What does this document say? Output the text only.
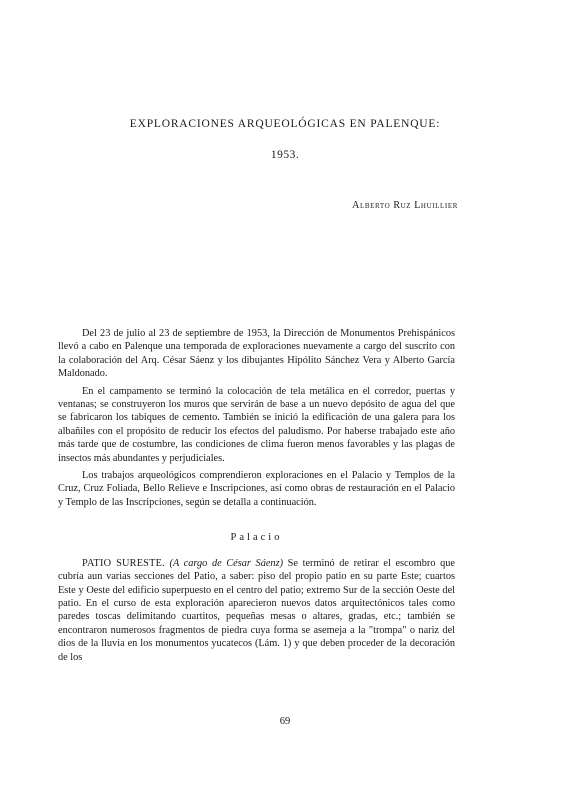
EXPLORACIONES ARQUEOLÓGICAS EN PALENQUE:
1953.
Alberto Ruz Lhuillier

Del 23 de julio al 23 de septiembre de 1953, la Dirección de Monumentos Prehispánicos llevó a cabo en Palenque una temporada de exploraciones nuevamente a cargo del suscrito con la colaboración del Arq. César Sáenz y los dibujantes Hipólito Sánchez Vera y Alberto García Maldonado.

En el campamento se terminó la colocación de tela metálica en el corredor, puertas y ventanas; se construyeron los muros que servirán de base a un nuevo depósito de agua del que se fabricaron los tabiques de cemento. También se inició la edificación de una galera para los albañiles con el propósito de reducir los efectos del paludismo. Por haberse trabajado este año más tarde que de costumbre, las condiciones de clima fueron menos favorables y las plagas de insectos más abundantes y perjudiciales.

Los trabajos arqueológicos comprendieron exploraciones en el Palacio y Templos de la Cruz, Cruz Foliada, Bello Relieve e Inscripciones, así como obras de restauración en el Palacio y Templo de las Inscripciones, según se detalla a continuación.

Palacio

PATIO SURESTE. (A cargo de César Sáenz) Se terminó de retirar el escombro que cubría aun varias secciones del Patio, a saber: piso del propio patio en su parte Este; cuartos Este y Oeste del edificio superpuesto en el centro del patio; extremo Sur de la sección Oeste del patio. En el curso de esta exploración aparecieron nuevos datos arquitectónicos tales como paredes toscas delimitando cuartitos, pequeñas mesas o altares, gradas, etc.; también se encontraron numerosos fragmentos de piedra cuya forma se asemeja a la "trompa" o nariz del dios de la lluvia en los monumentos yucatecos (Lám. 1) y que deben proceder de la decoración de los

69
